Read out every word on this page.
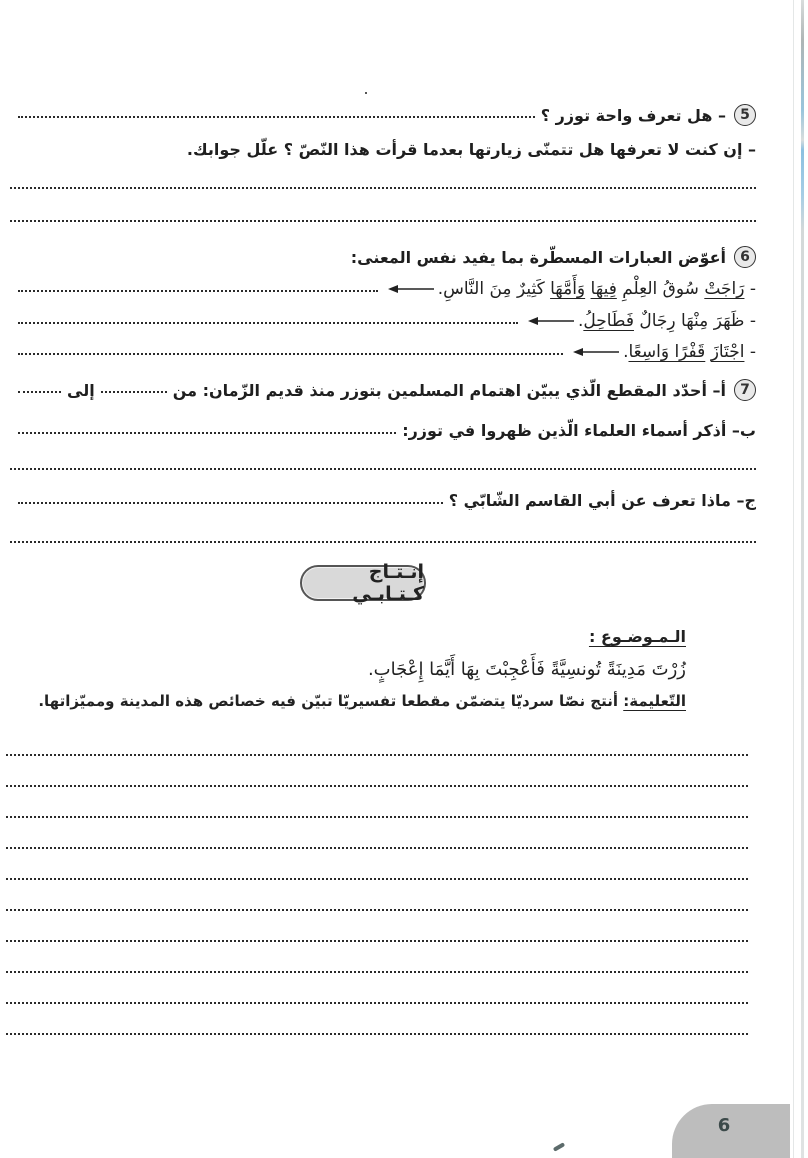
5
– هل تعرف واحة توزر ؟
– إن كنت لا تعرفها هل تتمنّى زيارتها بعدما قرأت هذا النّصّ ؟ علّل جوابك.
6
أعوّض العبارات المسطّرة بما يفيد نفس المعنى:
- رَاجَتْ سُوقُ العِلْمِ فِيهَا وَأَمَّهَا كَثِيرٌ مِنَ النَّاسِ.
- ظَهَرَ مِنْهَا رِجَالٌ فَطَاحِلُ.
- اجْتَازَ قَفْرًا وَاسِعًا.
7
أ– أحدّد المقطع الّذي يبيّن اهتمام المسلمين بتوزر منذ قديم الزّمان: من
إلى
ب– أذكر أسماء العلماء الّذين ظهروا في توزر:
ج– ماذا تعرف عن أبي القاسم الشّابّي ؟
إنـتـاج كـتـابـي
الـمـوضـوع :
زُرْتَ مَدِينَةً تُونسِيَّةً فَأَعْجِبْتَ بِهَا أَيَّمَا إِعْجَابٍ.
التّعليمة: أنتج نصّا سرديّا يتضمّن مقطعا تفسيريّا تبيّن فيه خصائص هذه المدينة ومميّزاتها.
6
